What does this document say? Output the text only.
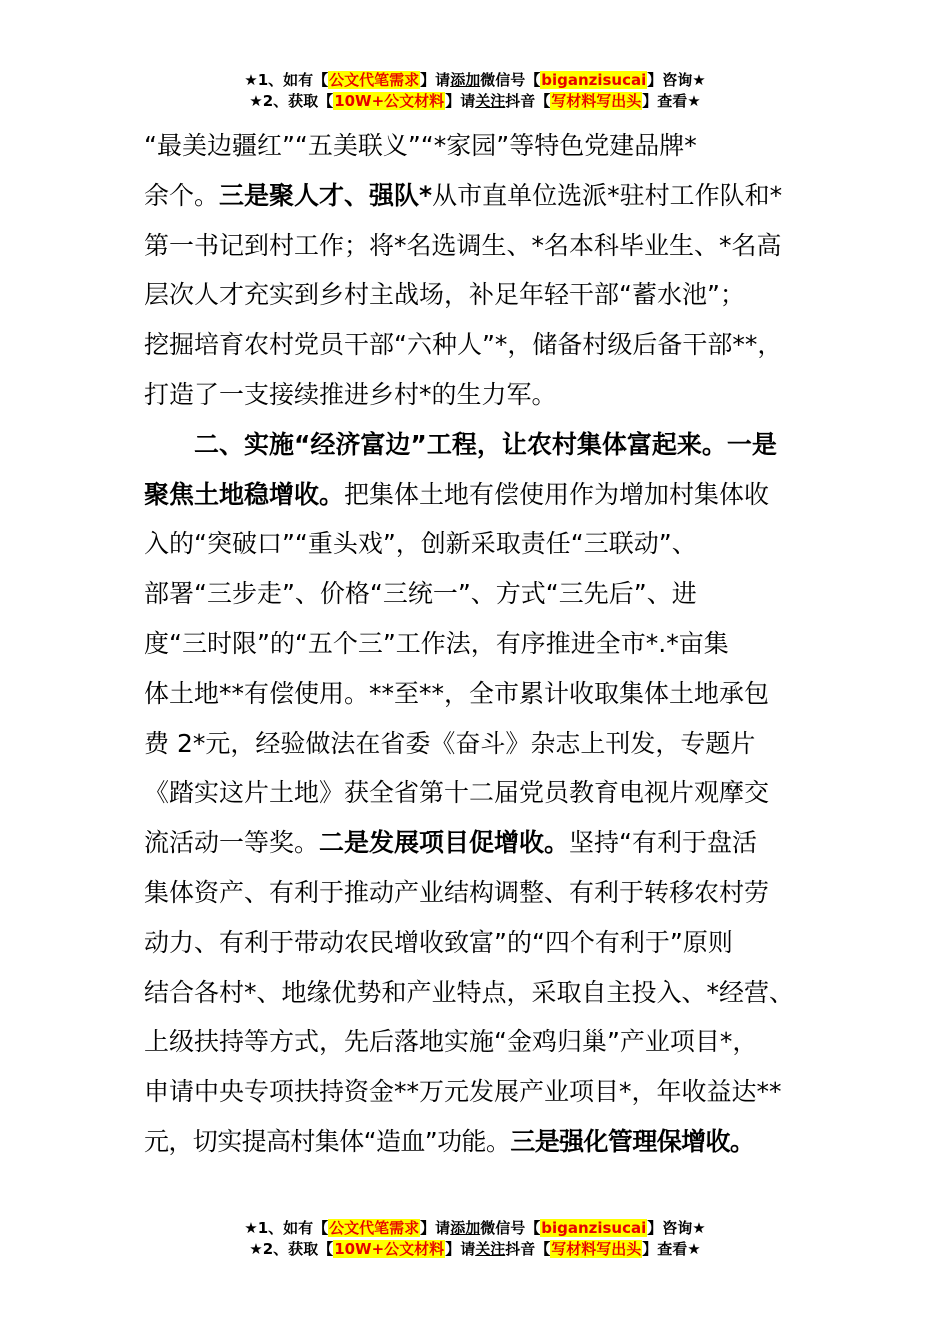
★1、如有【公文代笔需求】请添加微信号【biganzisucai】咨询★
★2、获取【10W+公文材料】请关注抖音【写材料写出头】查看★
“最美边疆红”“五美联义”“*家园”等特色党建品牌*
余个。三是聚人才、强队*从市直单位选派*驻村工作队和*
第一书记到村工作；将*名选调生、*名本科毕业生、*名高
层次人才充实到乡村主战场，补足年轻干部“蓄水池”；
挖掘培育农村党员干部“六种人”*，储备村级后备干部**，
打造了一支接续推进乡村*的生力军。
二、实施“经济富边”工程，让农村集体富起来。一是
聚焦土地稳增收。把集体土地有偿使用作为增加村集体收
入的“突破口”“重头戏”，创新采取责任“三联动”、
部署“三步走”、价格“三统一”、方式“三先后”、进
度“三时限”的“五个三”工作法，有序推进全市*.*亩集
体土地**有偿使用。**至**，全市累计收取集体土地承包
费 2*元，经验做法在省委《奋斗》杂志上刊发，专题片
《踏实这片土地》获全省第十二届党员教育电视片观摩交
流活动一等奖。二是发展项目促增收。坚持“有利于盘活
集体资产、有利于推动产业结构调整、有利于转移农村劳
动力、有利于带动农民增收致富”的“四个有利于”原则
结合各村*、地缘优势和产业特点，采取自主投入、*经营、
上级扶持等方式，先后落地实施“金鸡归巢”产业项目*，
申请中央专项扶持资金**万元发展产业项目*，年收益达**
元，切实提高村集体“造血”功能。三是强化管理保增收。
★1、如有【公文代笔需求】请添加微信号【biganzisucai】咨询★
★2、获取【10W+公文材料】请关注抖音【写材料写出头】查看★
